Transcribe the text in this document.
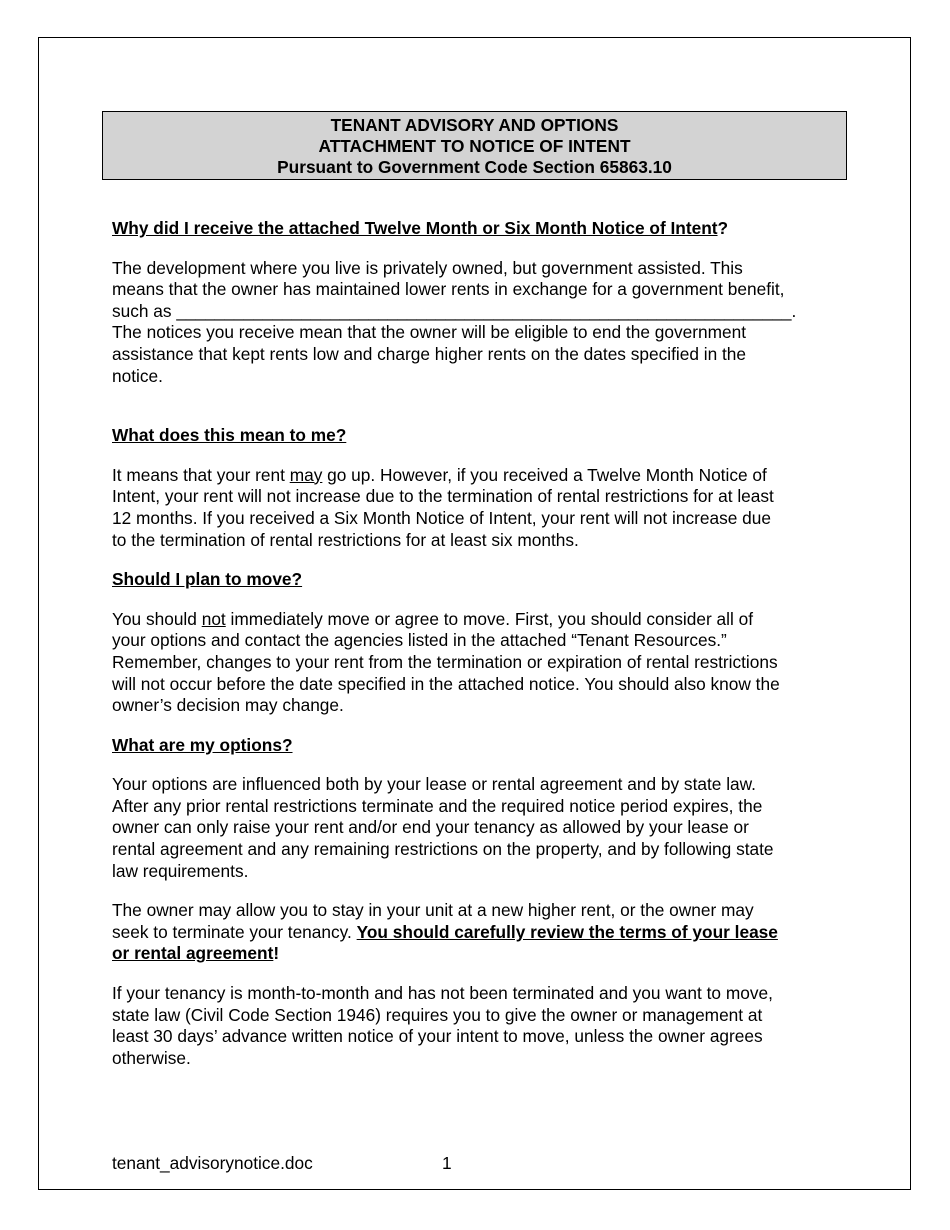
TENANT ADVISORY AND OPTIONS
ATTACHMENT TO NOTICE OF INTENT
Pursuant to Government Code Section 65863.10

Why did I receive the attached Twelve Month or Six Month Notice of Intent?

The development where you live is privately owned, but government assisted. This
means that the owner has maintained lower rents in exchange for a government benefit,
such as ________________________________________________________________.
The notices you receive mean that the owner will be eligible to end the government
assistance that kept rents low and charge higher rents on the dates specified in the
notice.

What does this mean to me?

It means that your rent may go up. However, if you received a Twelve Month Notice of
Intent, your rent will not increase due to the termination of rental restrictions for at least
12 months. If you received a Six Month Notice of Intent, your rent will not increase due
to the termination of rental restrictions for at least six months.

Should I plan to move?

You should not immediately move or agree to move. First, you should consider all of
your options and contact the agencies listed in the attached “Tenant Resources.”
Remember, changes to your rent from the termination or expiration of rental restrictions
will not occur before the date specified in the attached notice. You should also know the
owner’s decision may change.

What are my options?

Your options are influenced both by your lease or rental agreement and by state law.
After any prior rental restrictions terminate and the required notice period expires, the
owner can only raise your rent and/or end your tenancy as allowed by your lease or
rental agreement and any remaining restrictions on the property, and by following state
law requirements.

The owner may allow you to stay in your unit at a new higher rent, or the owner may
seek to terminate your tenancy. You should carefully review the terms of your lease
or rental agreement!

If your tenancy is month-to-month and has not been terminated and you want to move,
state law (Civil Code Section 1946) requires you to give the owner or management at
least 30 days’ advance written notice of your intent to move, unless the owner agrees
otherwise.

tenant_advisorynotice.doc	1
